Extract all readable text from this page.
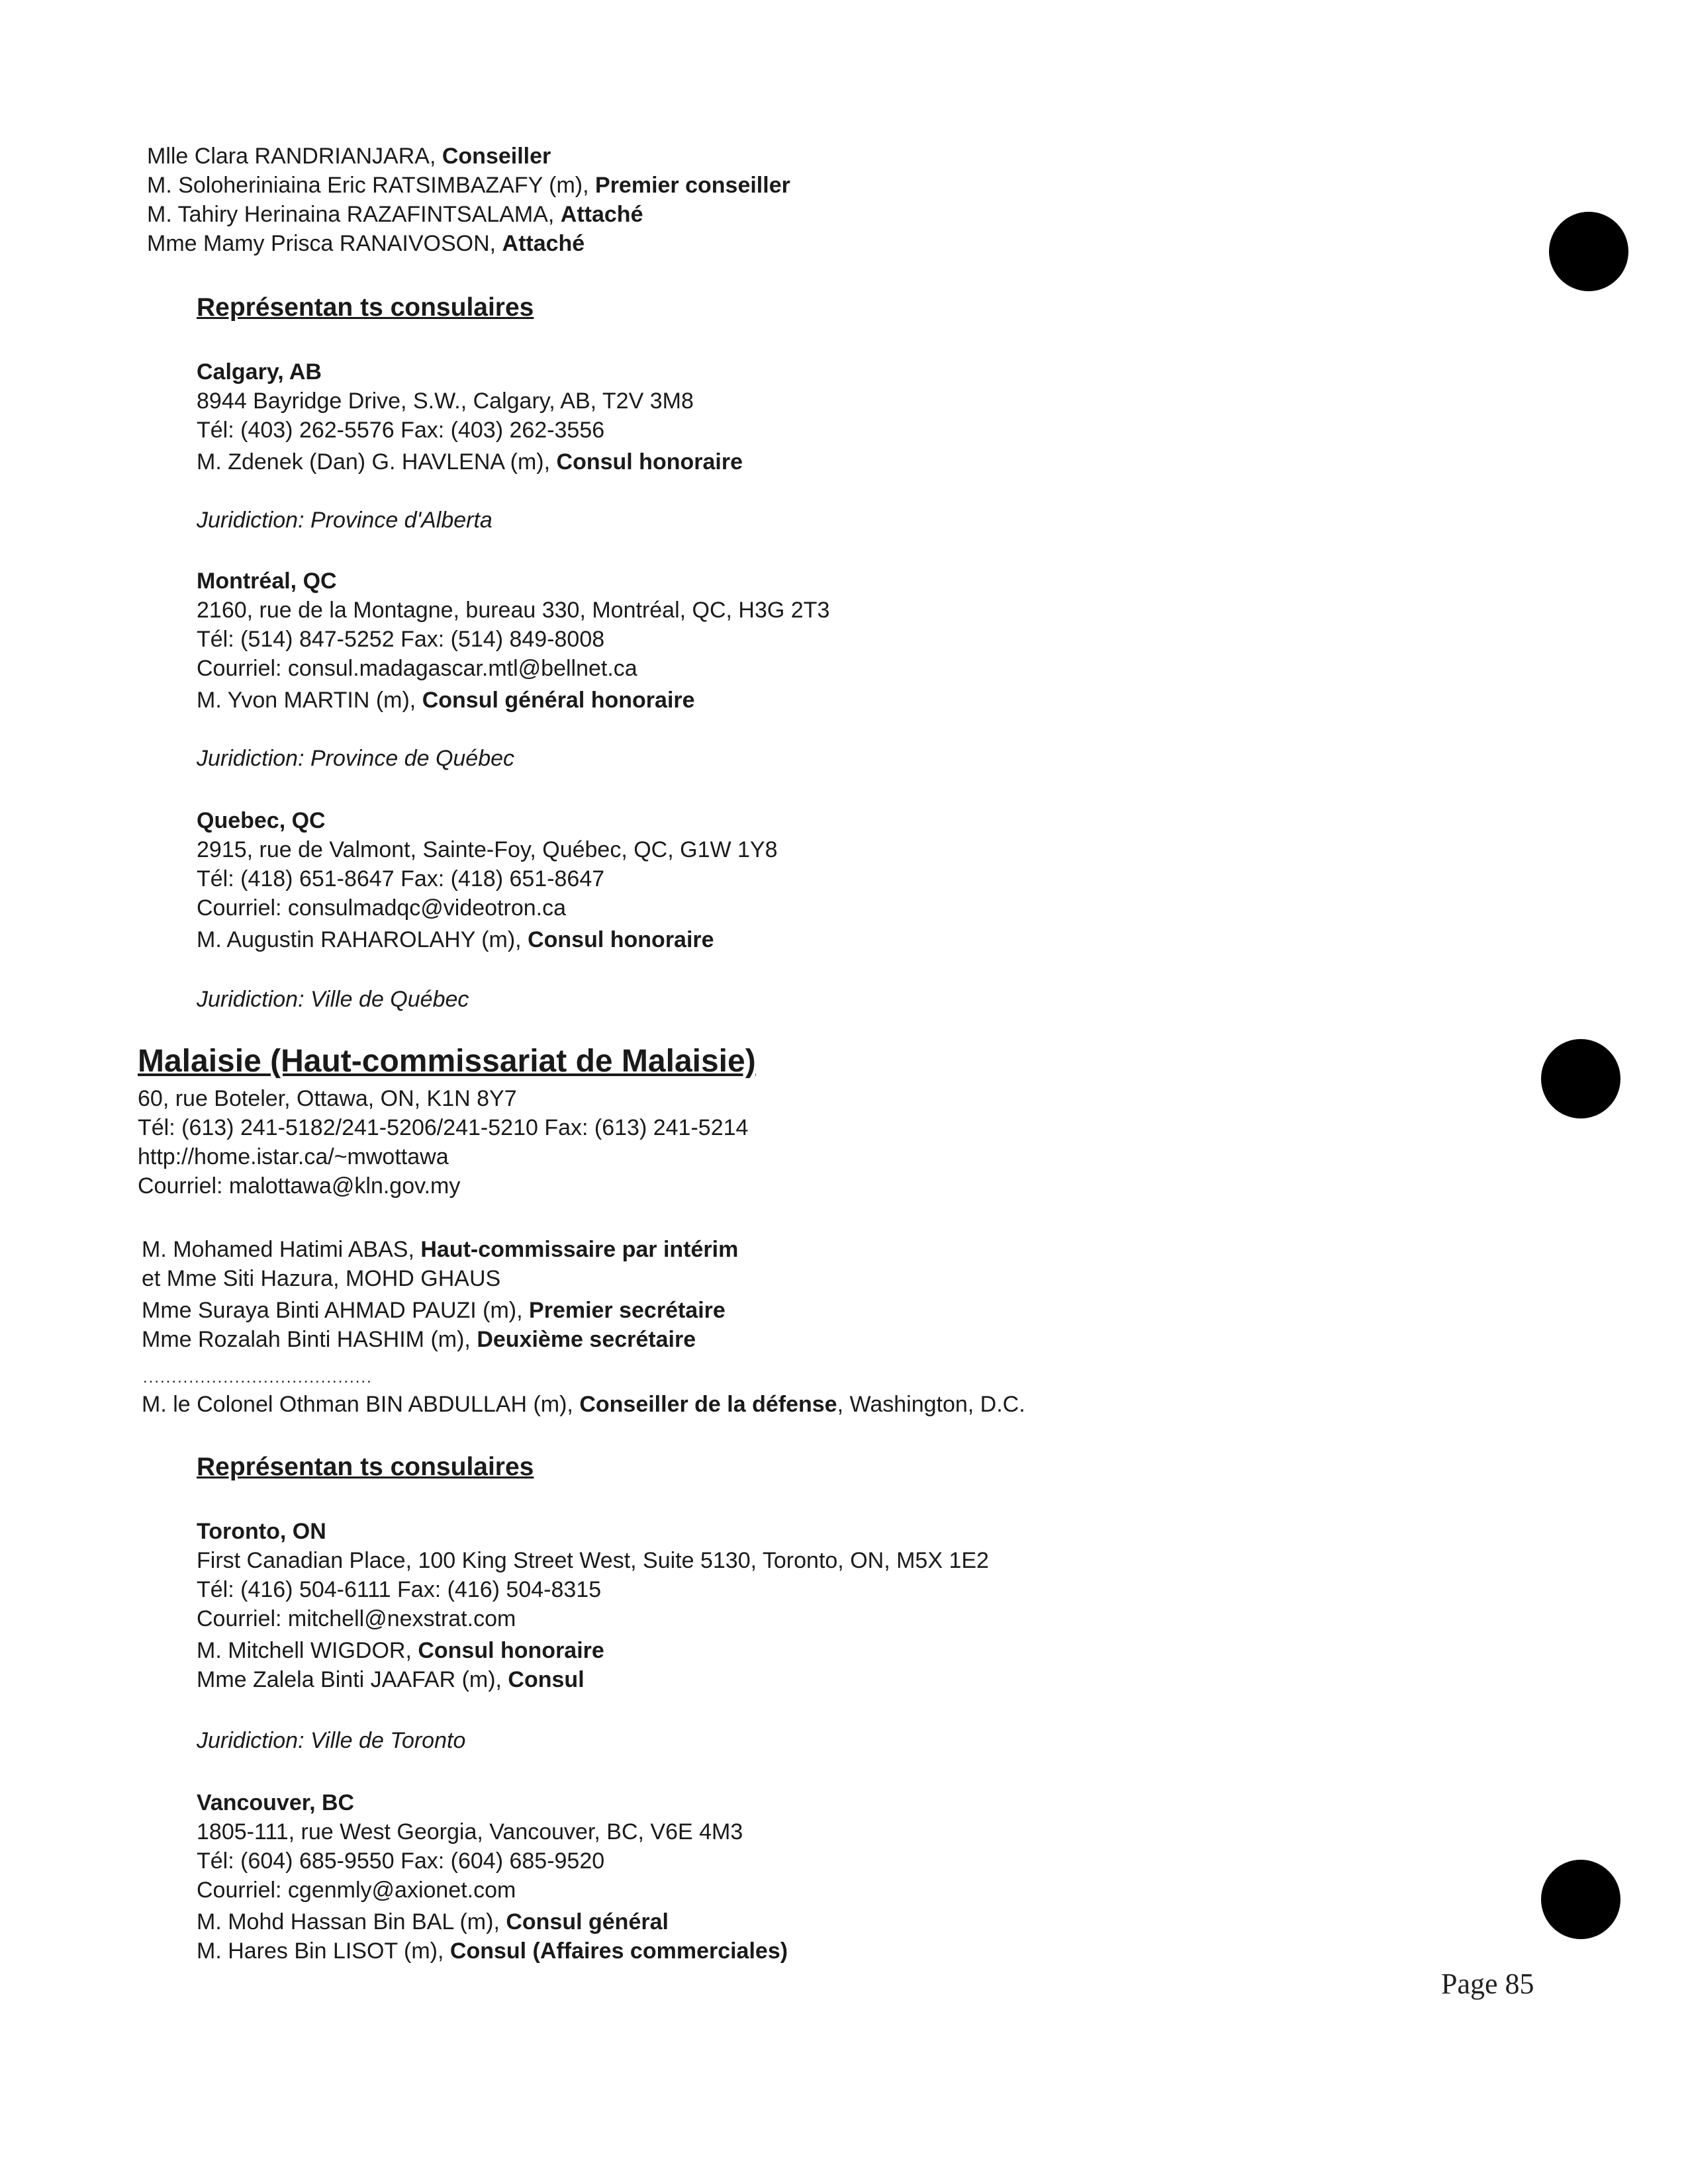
Mlle Clara RANDRIANJARA, Conseiller
M. Soloheriniaina Eric RATSIMBAZAFY (m), Premier conseiller
M. Tahiry Herinaina RAZAFINTSALAMA, Attaché
Mme Mamy Prisca RANAIVOSON, Attaché
Représentan ts consulaires
Calgary, AB
8944 Bayridge Drive, S.W., Calgary, AB, T2V 3M8
Tél: (403) 262-5576 Fax: (403) 262-3556
M. Zdenek (Dan) G. HAVLENA (m), Consul honoraire
Juridiction: Province d'Alberta
Montréal, QC
2160, rue de la Montagne, bureau 330, Montréal, QC, H3G 2T3
Tél: (514) 847-5252 Fax: (514) 849-8008
Courriel: consul.madagascar.mtl@bellnet.ca
M. Yvon MARTIN (m), Consul général honoraire
Juridiction: Province de Québec
Quebec, QC
2915, rue de Valmont, Sainte-Foy, Québec, QC, G1W 1Y8
Tél: (418) 651-8647 Fax: (418) 651-8647
Courriel: consulmadqc@videotron.ca
M. Augustin RAHAROLAHY (m), Consul honoraire
Juridiction: Ville de Québec
Malaisie (Haut-commissariat de Malaisie)
60, rue Boteler, Ottawa, ON, K1N 8Y7
Tél: (613) 241-5182/241-5206/241-5210 Fax: (613) 241-5214
http://home.istar.ca/~mwottawa
Courriel: malottawa@kln.gov.my
M. Mohamed Hatimi ABAS, Haut-commissaire par intérim
et Mme Siti Hazura, MOHD GHAUS
Mme Suraya Binti AHMAD PAUZI (m), Premier secrétaire
Mme Rozalah Binti HASHIM (m), Deuxième secrétaire
........................................
M. le Colonel Othman BIN ABDULLAH (m), Conseiller de la défense, Washington, D.C.
Représentan ts consulaires
Toronto, ON
First Canadian Place, 100 King Street West, Suite 5130, Toronto, ON, M5X 1E2
Tél: (416) 504-6111 Fax: (416) 504-8315
Courriel: mitchell@nexstrat.com
M. Mitchell WIGDOR, Consul honoraire
Mme Zalela Binti JAAFAR (m), Consul
Juridiction: Ville de Toronto
Vancouver, BC
1805-111, rue West Georgia, Vancouver, BC, V6E 4M3
Tél: (604) 685-9550 Fax: (604) 685-9520
Courriel: cgenmly@axionet.com
M. Mohd Hassan Bin BAL (m), Consul général
M. Hares Bin LISOT (m), Consul (Affaires commerciales)
Page 85
